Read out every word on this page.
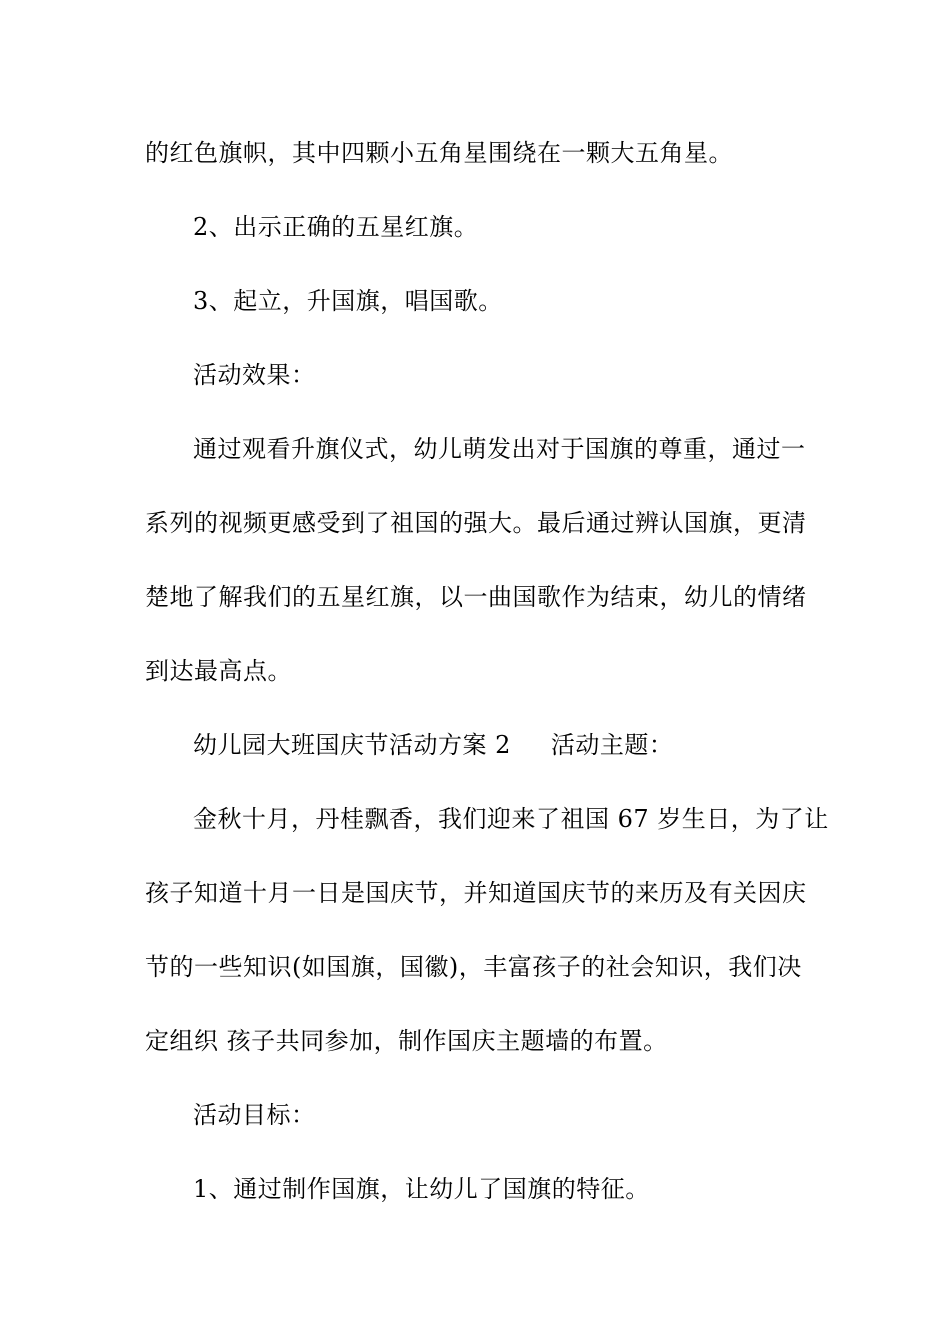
的红色旗帜，其中四颗小五角星围绕在一颗大五角星。
2、出示正确的五星红旗。
3、起立，升国旗，唱国歌。
活动效果：
通过观看升旗仪式，幼儿萌发出对于国旗的尊重，通过一
系列的视频更感受到了祖国的强大。最后通过辨认国旗，更清
楚地了解我们的五星红旗，以一曲国歌作为结束，幼儿的情绪
到达最高点。
幼儿园大班国庆节活动方案 2 活动主题：
金秋十月，丹桂飘香，我们迎来了祖国 67 岁生日，为了让
孩子知道十月一日是国庆节，并知道国庆节的来历及有关因庆
节的一些知识(如国旗，国徽)，丰富孩子的社会知识，我们决
定组织 孩子共同参加，制作国庆主题墙的布置。
活动目标：
1、通过制作国旗，让幼儿了国旗的特征。
